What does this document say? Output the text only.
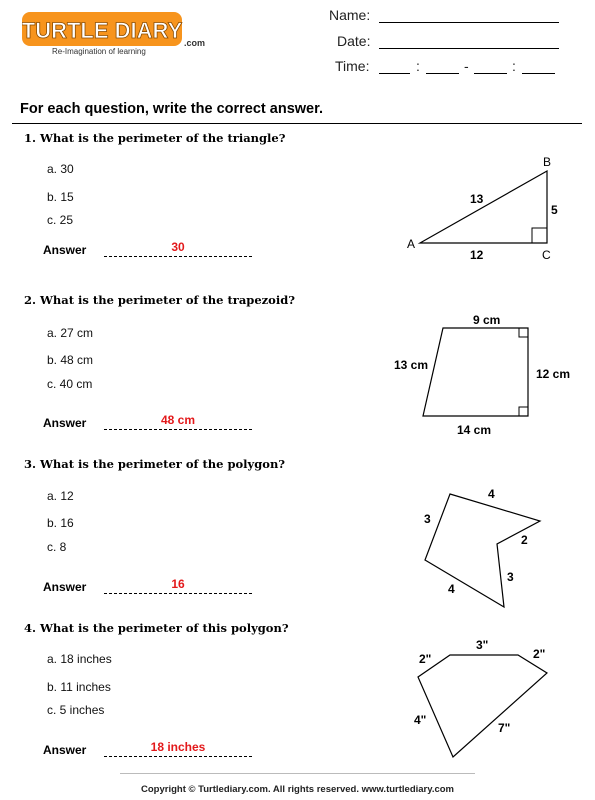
TURTLE DIARY .com
Re-Imagination of learning
Name:
Date:
Time:	:	-	:
For each question, write the correct answer.
1. What is the perimeter of the triangle?
a. 30
b. 15
c. 25
Answer	30	A
B
C
13
5
12
2. What is the perimeter of the trapezoid?
a. 27 cm
b. 48 cm
c. 40 cm
Answer	48 cm
9 cm
13 cm
12 cm
14 cm
3. What is the perimeter of the polygon?
a. 12
b. 16
c. 8
Answer	16
4
3
2
3
4
4. What is the perimeter of this polygon?
a. 18 inches
b. 11 inches
c. 5 inches
Answer	18 inches
3"
2"	2"
4"
7"
Copyright © Turtlediary.com. All rights reserved. www.turtlediary.com
